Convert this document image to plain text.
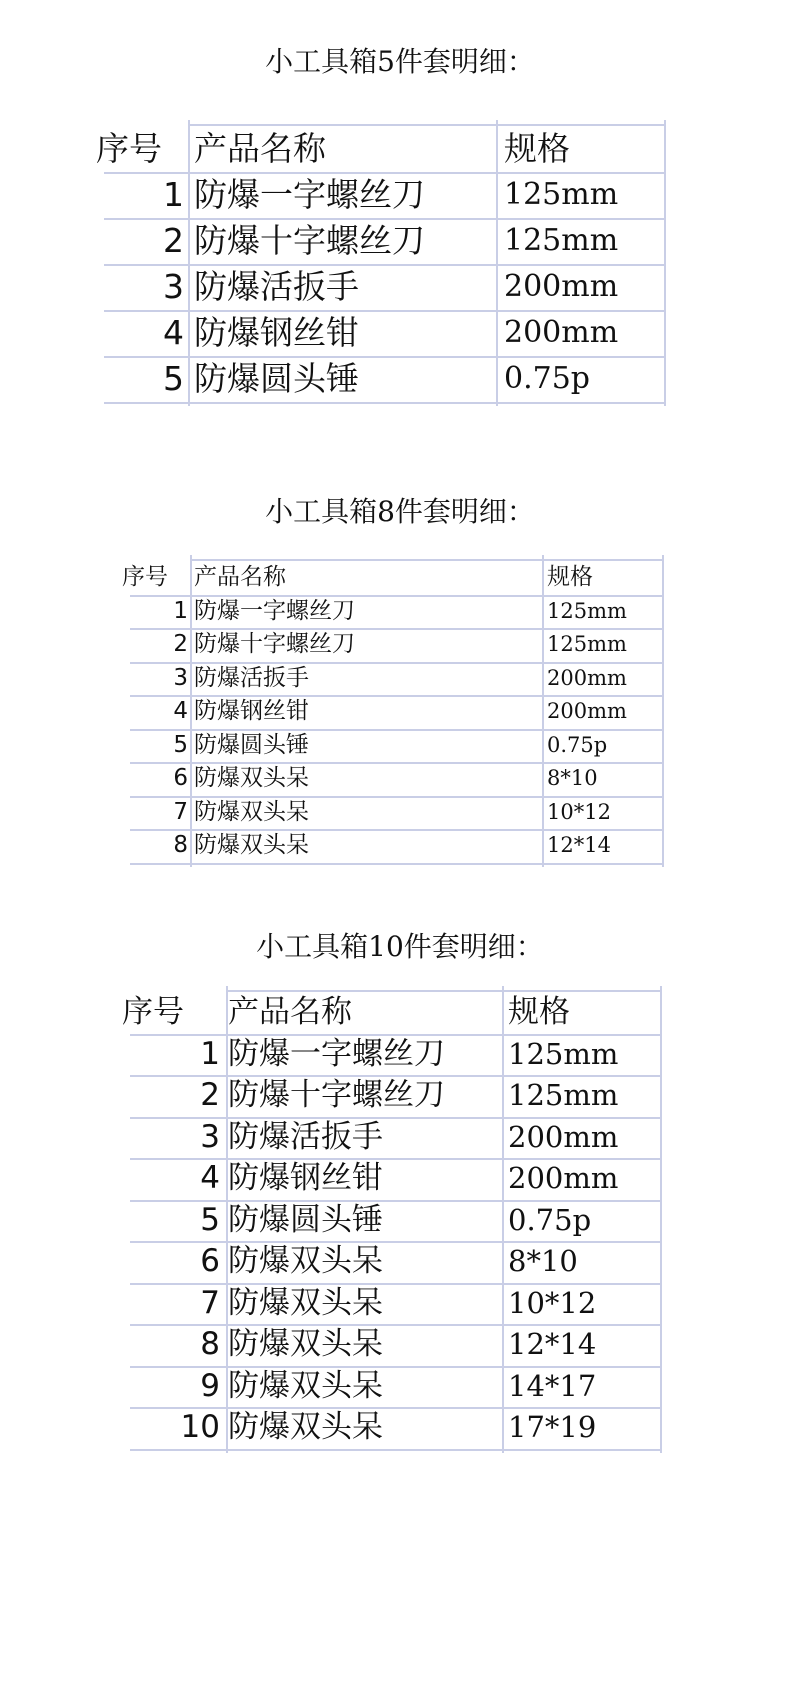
小工具箱5件套明细：
序号 产品名称	规格
1 防爆一字螺丝刀	125mm
2 防爆十字螺丝刀	125mm
3 防爆活扳手	200mm
4 防爆钢丝钳	200mm
5 防爆圆头锤	0.75p
小工具箱8件套明细：
序号	产品名称	规格
1 防爆一字螺丝刀	125mm
2 防爆十字螺丝刀	125mm
3 防爆活扳手	200mm
4 防爆钢丝钳	200mm
5 防爆圆头锤	0.75p
6 防爆双头呆	8*10
7 防爆双头呆	10*12
8 防爆双头呆	12*14
小工具箱10件套明细：
序号	产品名称	规格
1 防爆一字螺丝刀 125mm
2 防爆十字螺丝刀 125mm
3 防爆活扳手	200mm
4 防爆钢丝钳	200mm
5 防爆圆头锤	0.75p
6 防爆双头呆	8*10
7 防爆双头呆	10*12
8 防爆双头呆	12*14
9 防爆双头呆	14*17
10 防爆双头呆	17*19
